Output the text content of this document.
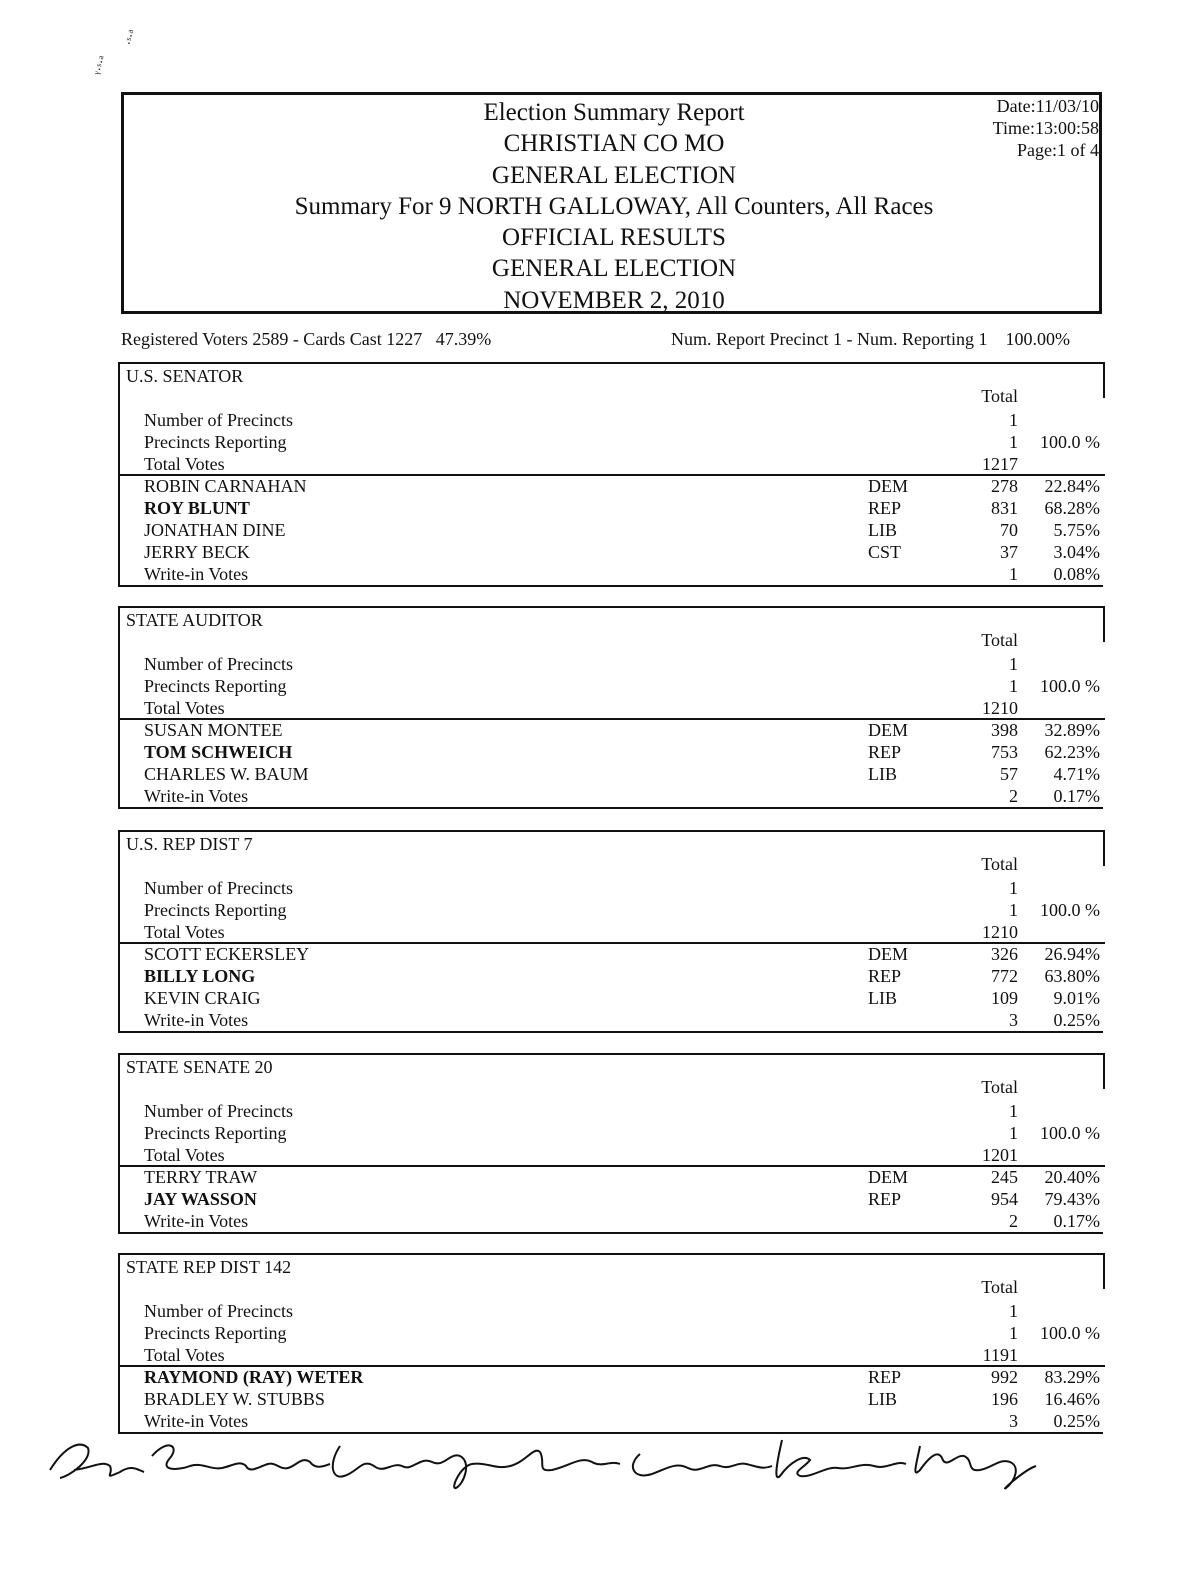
ᵞ·ˢ·ᵃ
·ˢ·ᵃ
Election Summary Report
CHRISTIAN CO MO
GENERAL ELECTION
Summary For 9 NORTH GALLOWAY, All Counters, All Races
OFFICIAL RESULTS
GENERAL ELECTION
NOVEMBER 2, 2010
Date:11/03/10
Time:13:00:58
Page:1 of 4
Registered Voters 2589 - Cards Cast 1227   47.39%	Num. Report Precinct 1 - Num. Reporting 1    100.00%
U.S. SENATOR
Total
Number of Precincts	1
Precincts Reporting	1	100.0 %
Total Votes	1217
ROBIN CARNAHAN	DEM	278	22.84%
ROY BLUNT	REP	831	68.28%
JONATHAN DINE	LIB	70	5.75%
JERRY BECK	CST	37	3.04%
Write-in Votes	1	0.08%
STATE AUDITOR
Total
Number of Precincts	1
Precincts Reporting	1	100.0 %
Total Votes	1210
SUSAN MONTEE	DEM	398	32.89%
TOM SCHWEICH	REP	753	62.23%
CHARLES W. BAUM	LIB	57	4.71%
Write-in Votes	2	0.17%
U.S. REP DIST 7
Total
Number of Precincts	1
Precincts Reporting	1	100.0 %
Total Votes	1210
SCOTT ECKERSLEY	DEM	326	26.94%
BILLY LONG	REP	772	63.80%
KEVIN CRAIG	LIB	109	9.01%
Write-in Votes	3	0.25%
STATE SENATE 20
Total
Number of Precincts	1
Precincts Reporting	1	100.0 %
Total Votes	1201
TERRY TRAW	DEM	245	20.40%
JAY WASSON	REP	954	79.43%
Write-in Votes	2	0.17%
STATE REP DIST 142
Total
Number of Precincts	1
Precincts Reporting	1	100.0 %
Total Votes	1191
RAYMOND (RAY) WETER	REP	992	83.29%
BRADLEY W. STUBBS	LIB	196	16.46%
Write-in Votes	3	0.25%
